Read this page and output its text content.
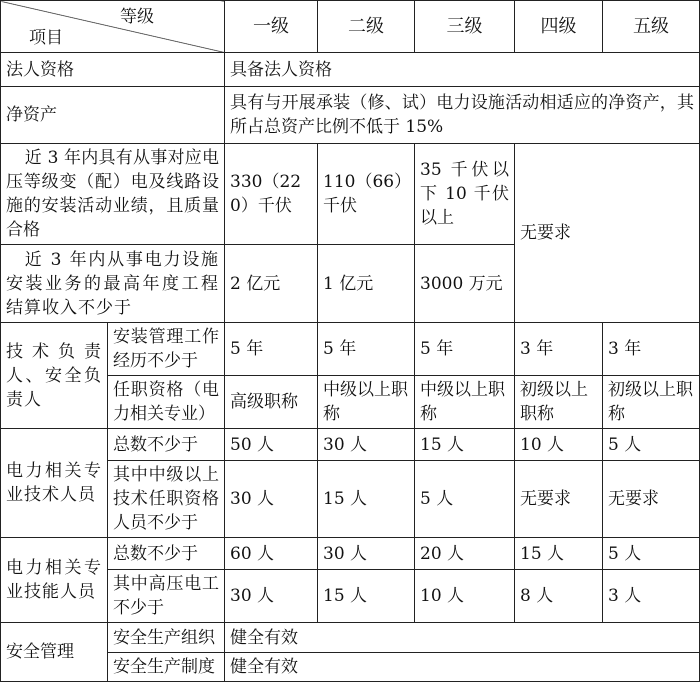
等级
项目		一级	二级	三级	四级	五级
法人资格		具备法人资格				
净资产		具有与开展承装（修、试）电力设施活动相适应的净资产，其所占总资产比例不低于 15%				
近 3 年内具有从事对应电压等级变（配）电及线路设施的安装活动业绩，且质量合格		330（220）千伏	110（66）千伏	35 千伏以下 10 千伏以上	无要求	
近 3 年内从事电力设施安装业务的最高年度工程结算收入不少于		2 亿元	1 亿元	3000 万元		
技术负责人、安全负责人	安装管理工作经历不少于	5 年	5 年	5 年	3 年	3 年
	任职资格（电力相关专业）	高级职称	中级以上职称	中级以上职称	初级以上职称	初级以上职称
电力相关专业技术人员	总数不少于	50 人	30 人	15 人	10 人	5 人
	其中中级以上技术任职资格人员不少于	30 人	15 人	5 人	无要求	无要求
电力相关专业技能人员	总数不少于	60 人	30 人	20 人	15 人	5 人
	其中高压电工不少于	30 人	15 人	10 人	8 人	3 人
安全管理	安全生产组织	健全有效				
	安全生产制度	健全有效				
